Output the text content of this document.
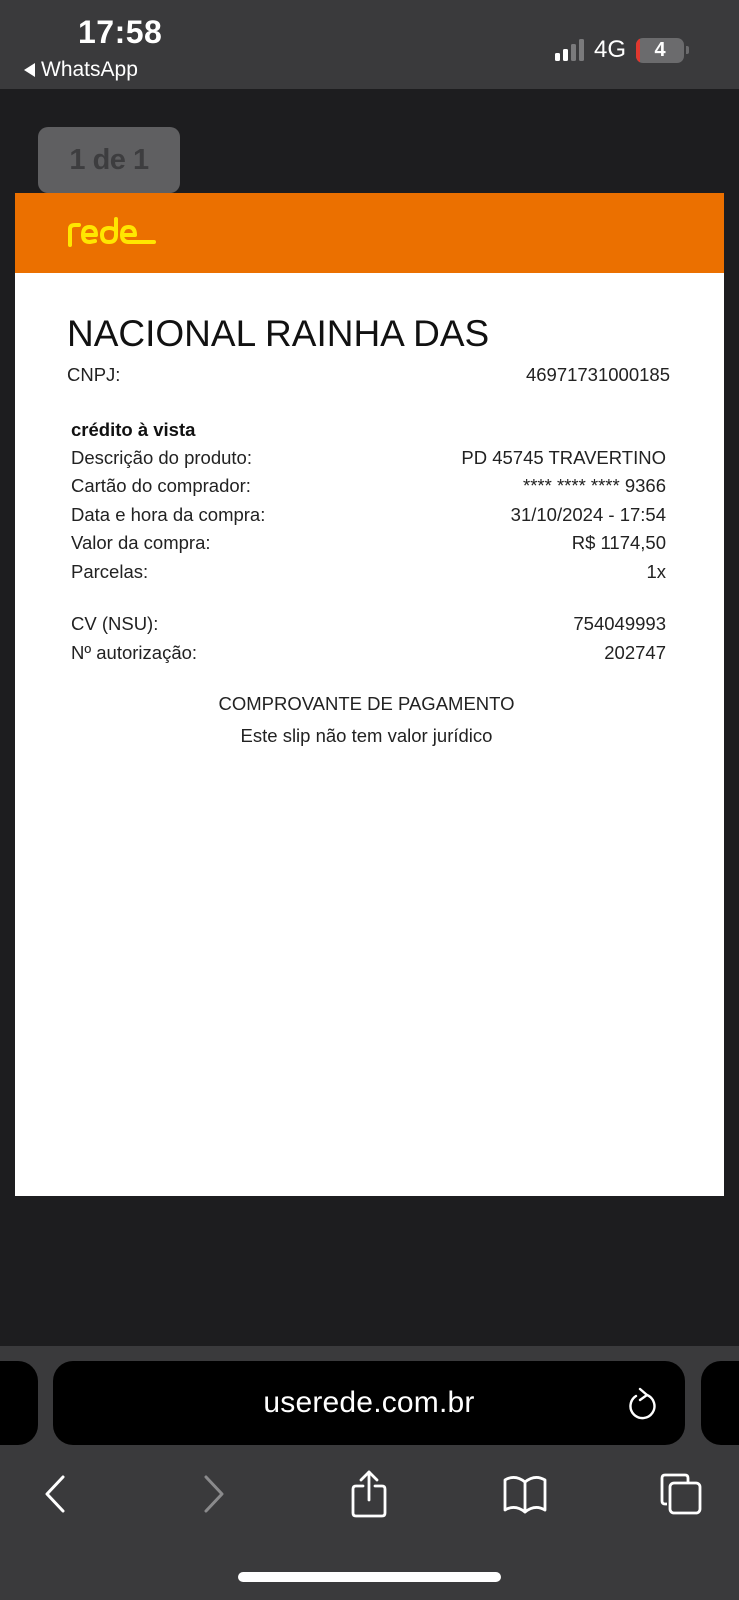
17:58
WhatsApp
4G 4
1 de 1
NACIONAL RAINHA DAS
CNPJ:	46971731000185
crédito à vista
Descrição do produto:	PD 45745 TRAVERTINO
Cartão do comprador:	**** **** **** 9366
Data e hora da compra:	31/10/2024 - 17:54
Valor da compra:	R$ 1174,50
Parcelas:	1x
CV (NSU):	754049993
Nº autorização:	202747
COMPROVANTE DE PAGAMENTO
Este slip não tem valor jurídico
userede.com.br
